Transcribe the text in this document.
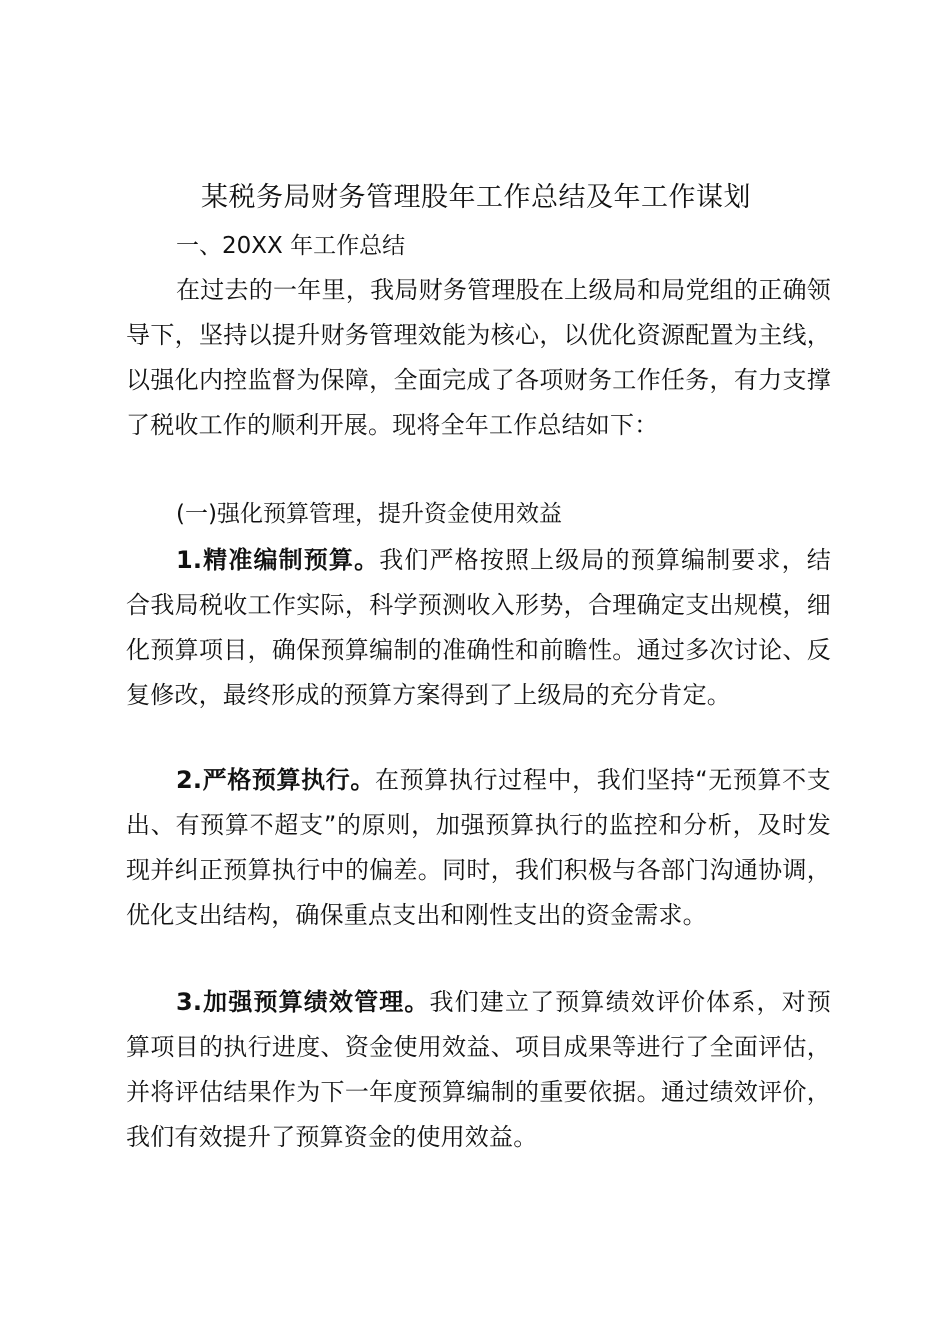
某税务局财务管理股年工作总结及年工作谋划
一、20XX 年工作总结

在过去的一年里，我局财务管理股在上级局和局党组的正确领导下，坚持以提升财务管理效能为核心，以优化资源配置为主线，以强化内控监督为保障，全面完成了各项财务工作任务，有力支撑了税收工作的顺利开展。现将全年工作总结如下：

(一)强化预算管理，提升资金使用效益

1.精准编制预算。我们严格按照上级局的预算编制要求，结合我局税收工作实际，科学预测收入形势，合理确定支出规模，细化预算项目，确保预算编制的准确性和前瞻性。通过多次讨论、反复修改，最终形成的预算方案得到了上级局的充分肯定。

2.严格预算执行。在预算执行过程中，我们坚持“无预算不支出、有预算不超支”的原则，加强预算执行的监控和分析，及时发现并纠正预算执行中的偏差。同时，我们积极与各部门沟通协调，优化支出结构，确保重点支出和刚性支出的资金需求。

3.加强预算绩效管理。我们建立了预算绩效评价体系，对预算项目的执行进度、资金使用效益、项目成果等进行了全面评估，并将评估结果作为下一年度预算编制的重要依据。通过绩效评价，我们有效提升了预算资金的使用效益。
